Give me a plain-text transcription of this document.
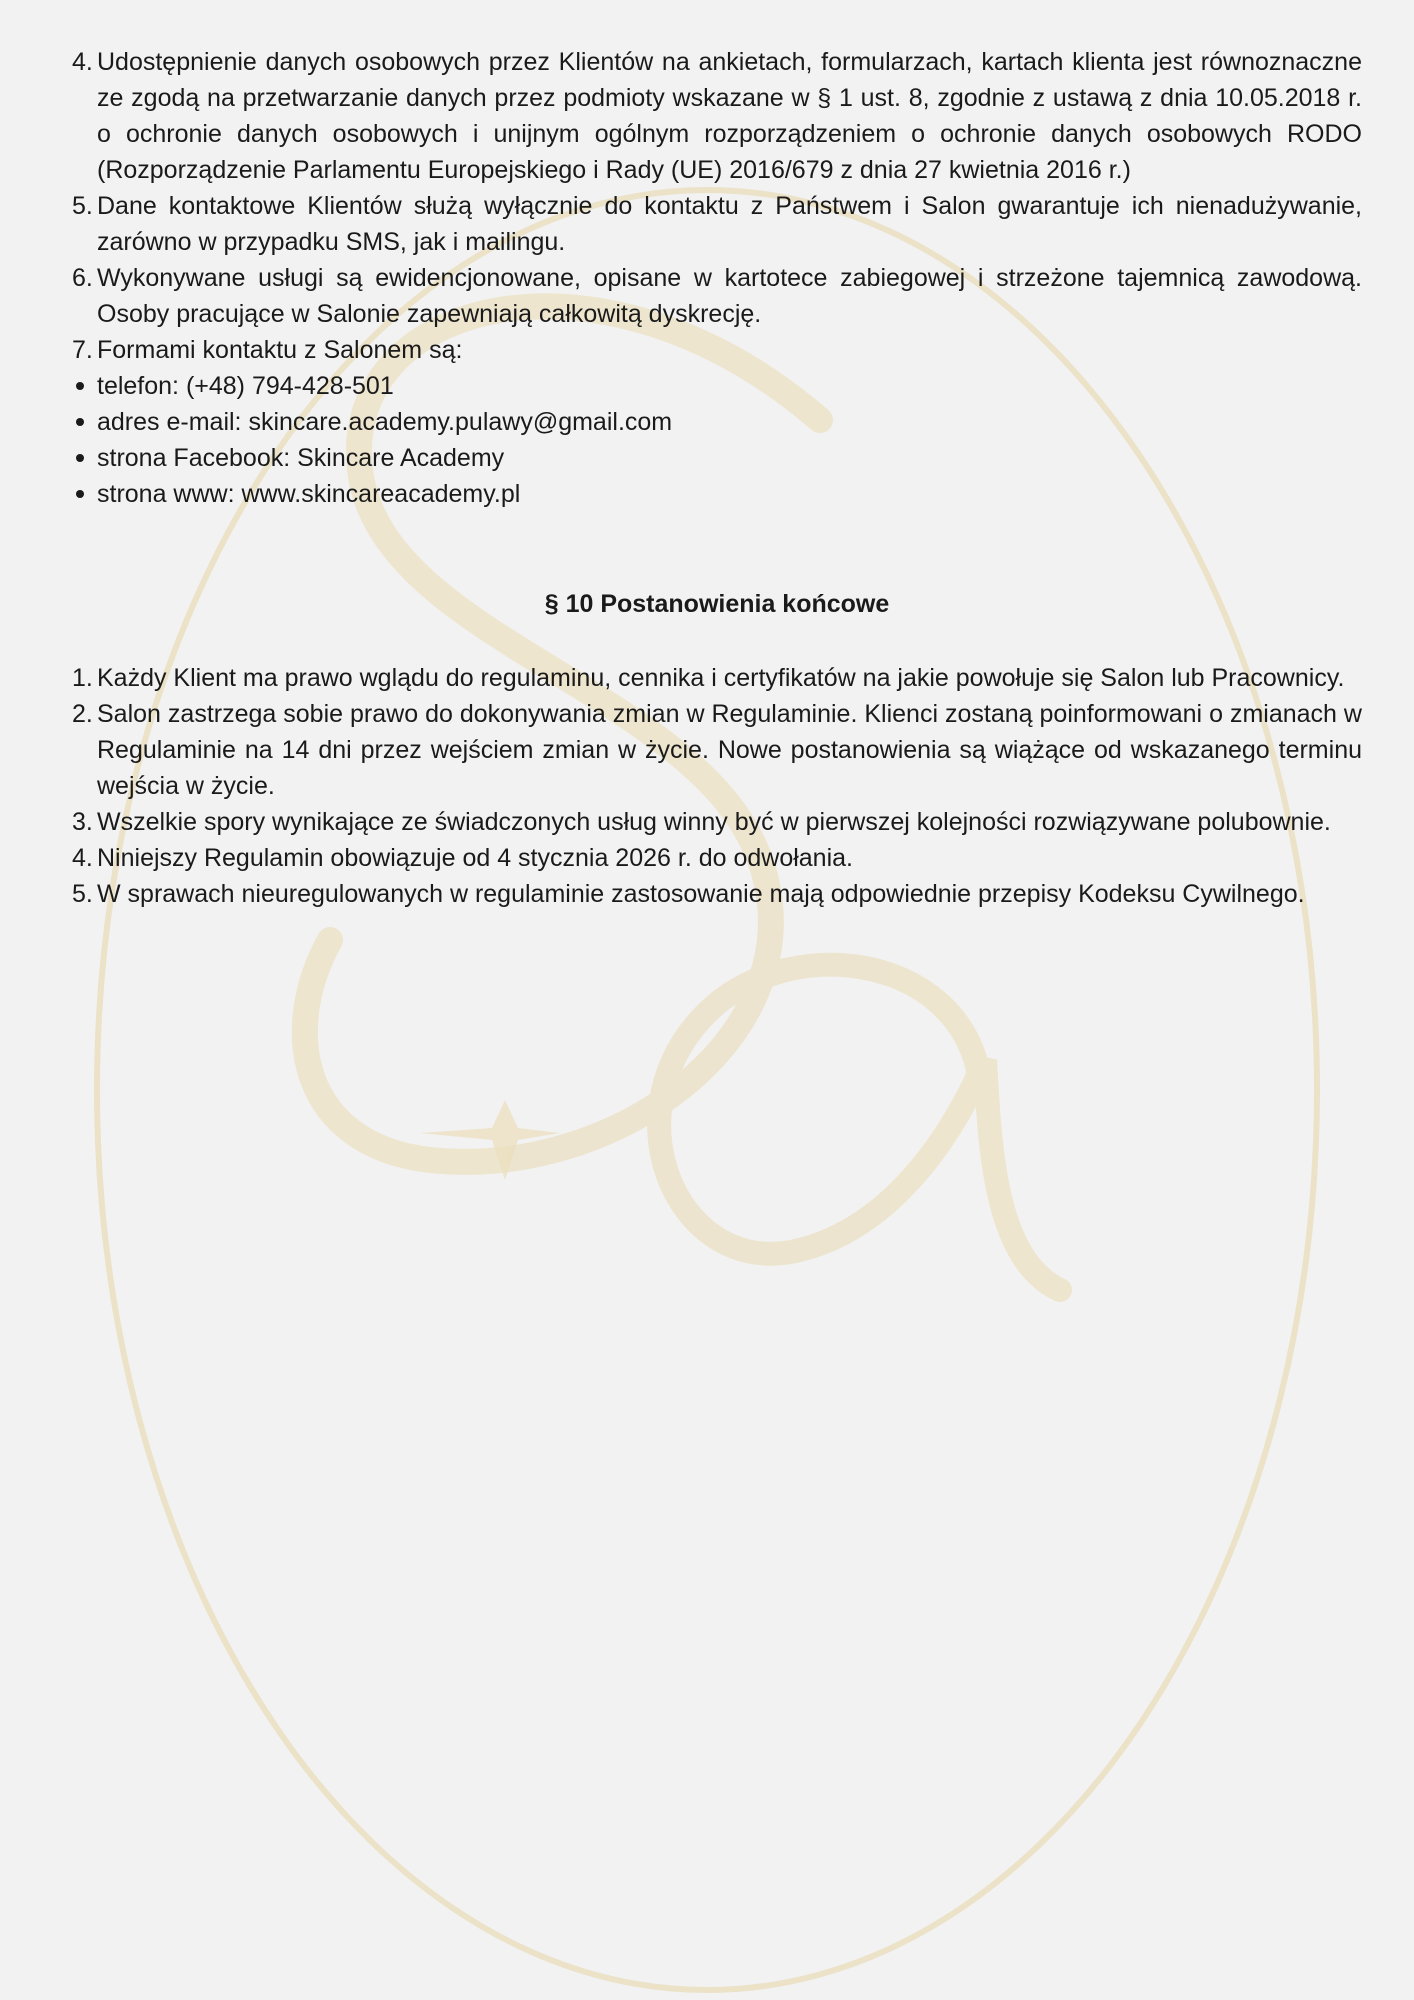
4. Udostępnienie danych osobowych przez Klientów na ankietach, formularzach, kartach klienta jest równoznaczne ze zgodą na przetwarzanie danych przez podmioty wskazane w § 1 ust. 8, zgodnie z ustawą z dnia 10.05.2018 r. o ochronie danych osobowych i unijnym ogólnym rozporządzeniem o ochronie danych osobowych RODO (Rozporządzenie Parlamentu Europejskiego i Rady (UE) 2016/679 z dnia 27 kwietnia 2016 r.)
5. Dane kontaktowe Klientów służą wyłącznie do kontaktu z Państwem i Salon gwarantuje ich nienadużywanie, zarówno w przypadku SMS, jak i mailingu.
6. Wykonywane usługi są ewidencjonowane, opisane w kartotece zabiegowej i strzeżone tajemnicą zawodową. Osoby pracujące w Salonie zapewniają całkowitą dyskrecję.
7. Formami kontaktu z Salonem są:
telefon: (+48) 794-428-501
adres e-mail: skincare.academy.pulawy@gmail.com
strona Facebook: Skincare Academy
strona www: www.skincareacademy.pl
§ 10 Postanowienia końcowe
1. Każdy Klient ma prawo wglądu do regulaminu, cennika i certyfikatów na jakie powołuje się Salon lub Pracownicy.
2. Salon zastrzega sobie prawo do dokonywania zmian w Regulaminie. Klienci zostaną poinformowani o zmianach w Regulaminie na 14 dni przez wejściem zmian w życie. Nowe postanowienia są wiążące od wskazanego terminu wejścia w życie.
3. Wszelkie spory wynikające ze świadczonych usług winny być w pierwszej kolejności rozwiązywane polubownie.
4. Niniejszy Regulamin obowiązuje od 4 stycznia 2026 r. do odwołania.
5. W sprawach nieuregulowanych w regulaminie zastosowanie mają odpowiednie przepisy Kodeksu Cywilnego.
